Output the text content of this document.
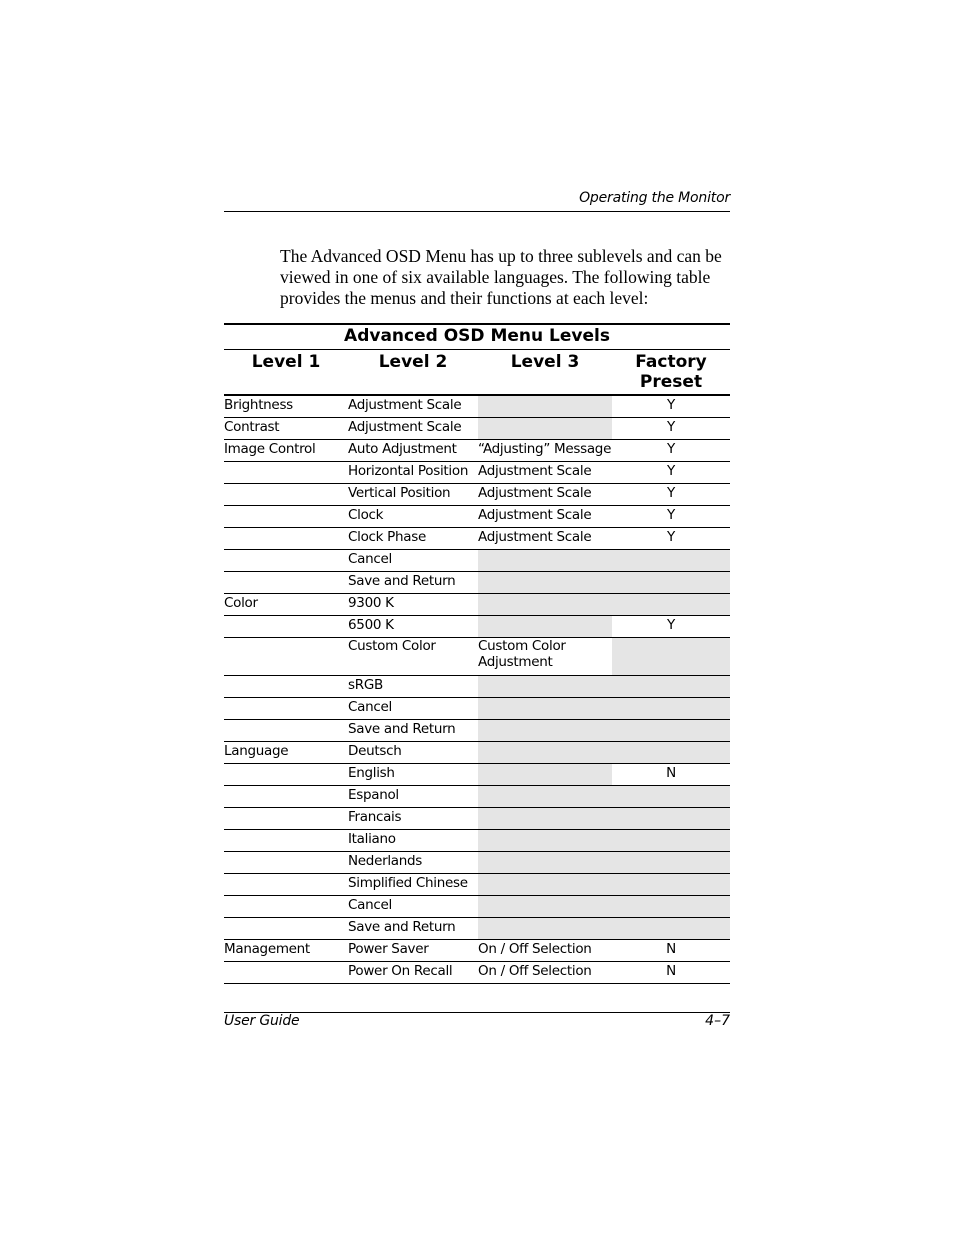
Operating the Monitor

The Advanced OSD Menu has up to three sublevels and can be viewed in one of six available languages. The following table provides the menus and their functions at each level:

Advanced OSD Menu Levels
Level 1	Level 2	Level 3	Factory Preset
Brightness	Adjustment Scale		Y
Contrast	Adjustment Scale		Y
Image Control	Auto Adjustment	“Adjusting” Message	Y
	Horizontal Position	Adjustment Scale	Y
	Vertical Position	Adjustment Scale	Y
	Clock	Adjustment Scale	Y
	Clock Phase	Adjustment Scale	Y
	Cancel		
	Save and Return		
Color	9300 K		
	6500 K		Y
	Custom Color	Custom Color Adjustment	
	sRGB		
	Cancel		
	Save and Return		
Language	Deutsch		
	English		N
	Espanol		
	Francais		
	Italiano		
	Nederlands		
	Simplified Chinese		
	Cancel		
	Save and Return		
Management	Power Saver	On / Off Selection	N
	Power On Recall	On / Off Selection	N
User Guide	4–7
